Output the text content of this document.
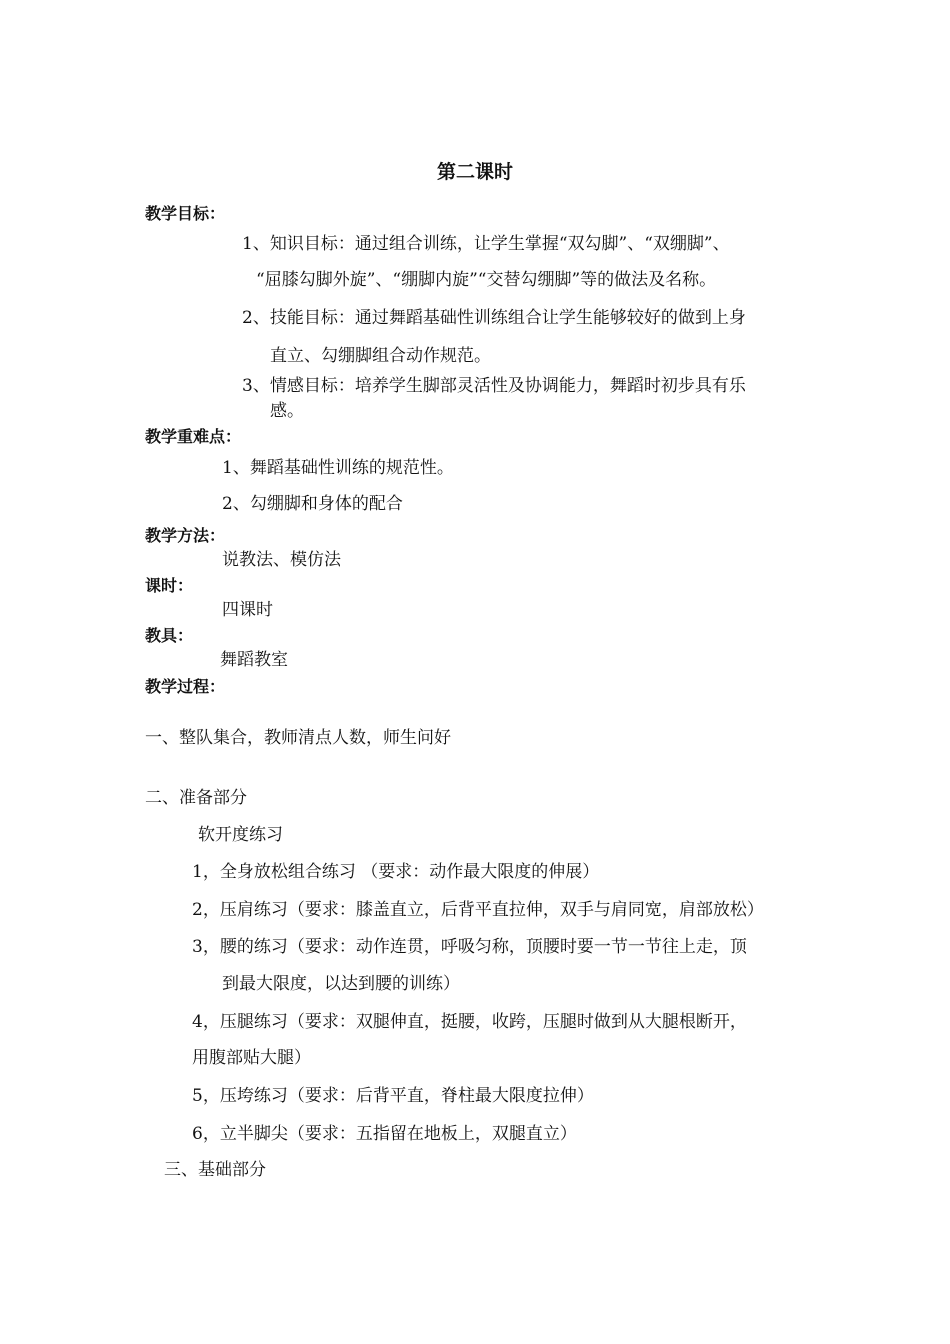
第二课时
教学目标：
1、知识目标：通过组合训练，让学生掌握“双勾脚”、“双绷脚”、
“屈膝勾脚外旋”、“绷脚内旋”“交替勾绷脚”等的做法及名称。
2、技能目标：通过舞蹈基础性训练组合让学生能够较好的做到上身
直立、勾绷脚组合动作规范。
3、情感目标：培养学生脚部灵活性及协调能力，舞蹈时初步具有乐
感。
教学重难点：
1、舞蹈基础性训练的规范性。
2、勾绷脚和身体的配合
教学方法：
说教法、模仿法
课时：
四课时
教具：
舞蹈教室
教学过程：
一、整队集合，教师清点人数，师生问好
二、准备部分
软开度练习
1，全身放松组合练习 （要求：动作最大限度的伸展）
2，压肩练习（要求：膝盖直立，后背平直拉伸，双手与肩同宽，肩部放松）
3，腰的练习（要求：动作连贯，呼吸匀称，顶腰时要一节一节往上走，顶
到最大限度，以达到腰的训练）
4，压腿练习（要求：双腿伸直，挺腰，收跨，压腿时做到从大腿根断开，
用腹部贴大腿）
5，压垮练习（要求：后背平直，脊柱最大限度拉伸）
6，立半脚尖（要求：五指留在地板上，双腿直立）
三、基础部分
